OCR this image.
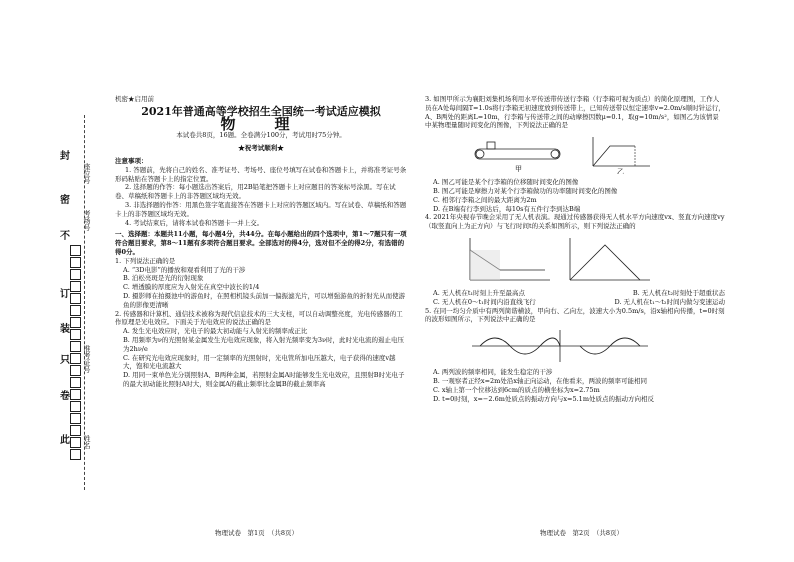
封
密
不
订
装
只
卷
此
座位号
考场号
准考证号
姓名
机密★启用前
2021年普通高等学校招生全国统一考试适应模拟
物　理
本试卷共8页，16题。全卷满分100分，考试用时75分钟。
★祝考试顺利★
注意事项：
1. 答题前，先将自己的姓名、准考证号、考场号、座位号填写在试卷和答题卡上，并将准考证号条形码粘贴在答题卡上的指定位置。
2. 选择题的作答：每小题选出答案后，用2B铅笔把答题卡上对应题目的答案标号涂黑。写在试卷、草稿纸和答题卡上的非答题区域均无效。
3. 非选择题的作答：用黑色签字笔直接答在答题卡上对应的答题区域内。写在试卷、草稿纸和答题卡上的非答题区域均无效。
4. 考试结束后，请将本试卷和答题卡一并上交。
一、选择题：本题共11小题，每小题4分，共44分。在每小题给出的四个选项中，第1～7题只有一项符合题目要求，第8～11题有多项符合题目要求。全部选对的得4分，选对但不全的得2分，有选错的得0分。
1. 下列说法正确的是
A. “3D电影”的播放和观看利用了光的干涉
B. 泊松亮斑是光的衍射现象
C. 增透膜的厚度应为入射光在真空中波长的1/4
D. 摄影师在拍摄池中的游鱼时，在照相机镜头前加一偏振滤光片，可以增强游鱼的折射光从而使游鱼的影像更清晰
2. 传感器和计算机、通信技术被称为现代信息技术的三大支柱，可以自动调整亮度，光电传感器的工作原理是光电效应。下面关于光电效应的说法正确的是
A. 发生光电效应时，光电子的最大初动能与入射光的频率成正比
B. 用频率为ν的光照射某金属发生光电效应现象，将入射光频率变为3ν时，此时光电流的遏止电压为2hν/e
C. 在研究光电效应现象时，用一定频率的光照射时，光电管所加电压越大，电子获得的速度v越大，饱和光电流越大
D. 用同一束单色光分别照射A、B两种金属，若照射金属A时能够发生光电效应，且照射B时光电子的最大初动能比照射A时大，则金属A的截止频率比金属B的截止频率高
物理试卷　第1页　（共8页）
3. 如图甲所示为襄阳刘集机场利用水平传送带传送行李箱（行李箱可视为质点）的简化原理图，工作人员在A处每间隔T=1.0s将行李箱无初速度放到传送带上，已知传送带以恒定速率v=2.0m/s顺时针运行，A、B两处的距离L=10m，行李箱与传送带之间的动摩擦因数μ=0.1，取g=10m/s²，如图乙为该情景中某物理量随时间变化的图像，下列说法正确的是
甲	乙
A. 图乙可能是某个行李箱的位移随时间变化的图像
B. 图乙可能是摩擦力对某个行李箱做功的功率随时间变化的图像
C. 相邻行李箱之间的最大距离为2m
D. 在B端有行李到达后，每10s有五件行李到达B端
4. 2021年央视春节晚会采用了无人机表演。现通过传感器获得无人机水平方向速度vx、竖直方向速度vy（取竖直向上为正方向）与飞行时间t的关系如图所示，则下列说法正确的
A. 无人机在t₁时刻上升至最高点	B. 无人机在t₂时刻处于超重状态
C. 无人机在0～t₁时间内沿直线飞行	D. 无人机在t₁～t₂时间内做匀变速运动
5. 在同一均匀介质中有两列简谐横波，甲向右、乙向左，波速大小为0.5m/s，沿x轴相向传播，t=0时刻的波形如图所示，下列说法中正确的是
A. 两列波的频率相同，能发生稳定的干涉
B. 一观察者正经x=2m处沿x轴正向运动，在他看来，两波的频率可能相同
C. x轴上第一个位移达到6cm的质点的横坐标为x=2.75m
D. t=0时刻，x=−2.6m处质点的振动方向与x=5.1m处质点的振动方向相反
物理试卷　第2页　（共8页）
